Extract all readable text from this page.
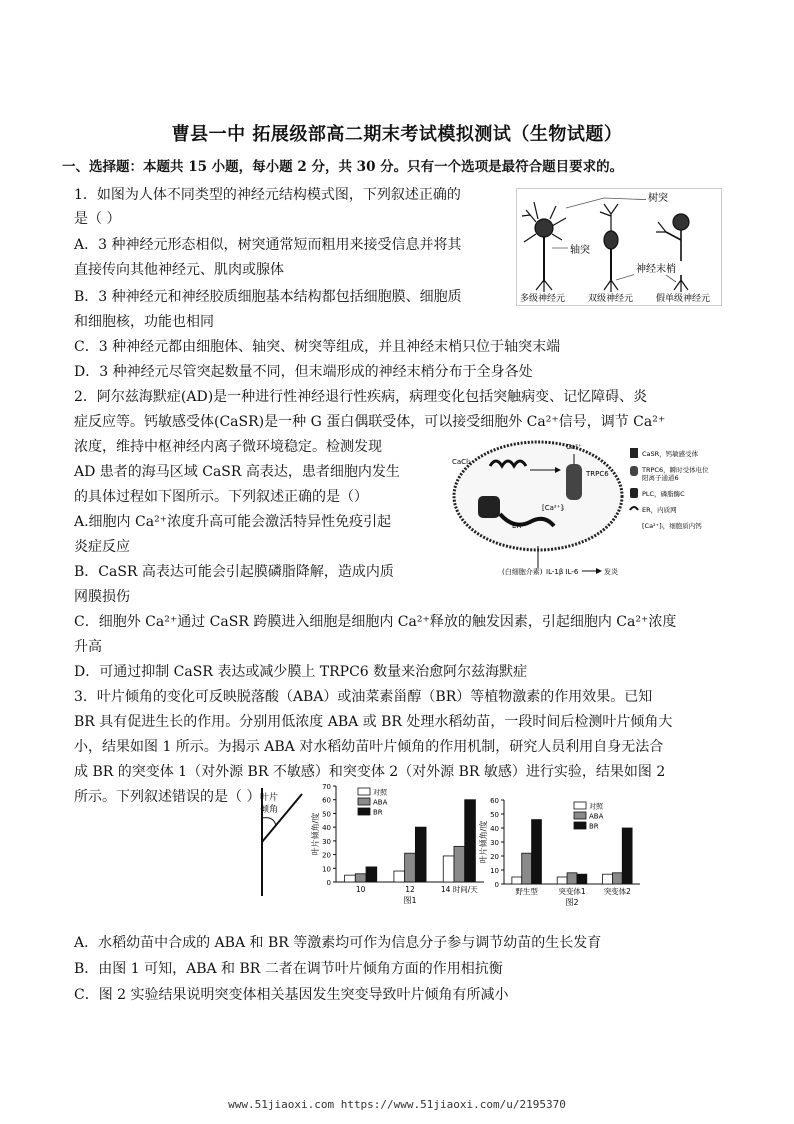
曹县一中 拓展级部高二期末考试模拟测试（生物试题）
一、选择题：本题共 15 小题，每小题 2 分，共 30 分。只有一个选项是最符合题目要求的。
1．如图为人体不同类型的神经元结构模式图，下列叙述正确的
是（ ）
A．3 种神经元形态相似，树突通常短而粗用来接受信息并将其
直接传向其他神经元、肌肉或腺体
B．3 种神经元和神经胶质细胞基本结构都包括细胞膜、细胞质
和细胞核，功能也相同
C．3 种神经元都由细胞体、轴突、树突等组成，并且神经末梢只位于轴突末端
D．3 种神经元尽管突起数量不同，但末端形成的神经末梢分布于全身各处
树突
轴突
神经末梢
多级神经元	双级神经元	假单级神经元
2．阿尔兹海默症(AD)是一种进行性神经退行性疾病，病理变化包括突触病变、记忆障碍、炎
症反应等。钙敏感受体(CaSR)是一种 G 蛋白偶联受体，可以接受细胞外 Ca²⁺信号，调节 Ca²⁺
浓度，维持中枢神经内离子微环境稳定。检测发现
AD 患者的海马区域 CaSR 高表达，患者细胞内发生
的具体过程如下图所示。下列叙述正确的是（）
A.细胞内 Ca²⁺浓度升高可能会激活特异性免疫引起
炎症反应
B．CaSR 高表达可能会引起膜磷脂降解，造成内质
网膜损伤
C．细胞外 Ca²⁺通过 CaSR 跨膜进入细胞是细胞内 Ca²⁺释放的触发因素，引起细胞内 Ca²⁺浓度
升高
D．可通过抑制 CaSR 表达或减少膜上 TRPC6 数量来治愈阿尔兹海默症
CaCl₂
Ca²⁺
TRPC6
ER
[Ca²⁺]ᵢ
(白细胞介素) IL-1β IL-6	发炎
CaSR，钙敏感受体
TRPC6，瞬时受体电位
阳离子通道6
PLC，磷脂酶C
ER，内质网
[Ca²⁺]ᵢ，细胞质内钙
3．叶片倾角的变化可反映脱落酸（ABA）或油菜素甾醇（BR）等植物激素的作用效果。已知
BR 具有促进生长的作用。分别用低浓度 ABA 或 BR 处理水稻幼苗，一段时间后检测叶片倾角大
小，结果如图 1 所示。为揭示 ABA 对水稻幼苗叶片倾角的作用机制，研究人员利用自身无法合
成 BR 的突变体 1（对外源 BR 不敏感）和突变体 2（对外源 BR 敏感）进行实验，结果如图 2
所示。下列叙述错误的是（ ） 叶片
倾角
0
10
20
30
40
50
60
70
叶片倾角/度
10	12	14 时间/天
图1
对照
ABA
BR
0
10
20
30
40
50
60
叶片倾角/度
野生型	突变体1 突变体2
图2
对照
ABA
BR
A．水稻幼苗中合成的 ABA 和 BR 等激素均可作为信息分子参与调节幼苗的生长发育
B．由图 1 可知，ABA 和 BR 二者在调节叶片倾角方面的作用相抗衡
C．图 2 实验结果说明突变体相关基因发生突变导致叶片倾角有所减小
www.51jiaoxi.com https://www.51jiaoxi.com/u/2195370
